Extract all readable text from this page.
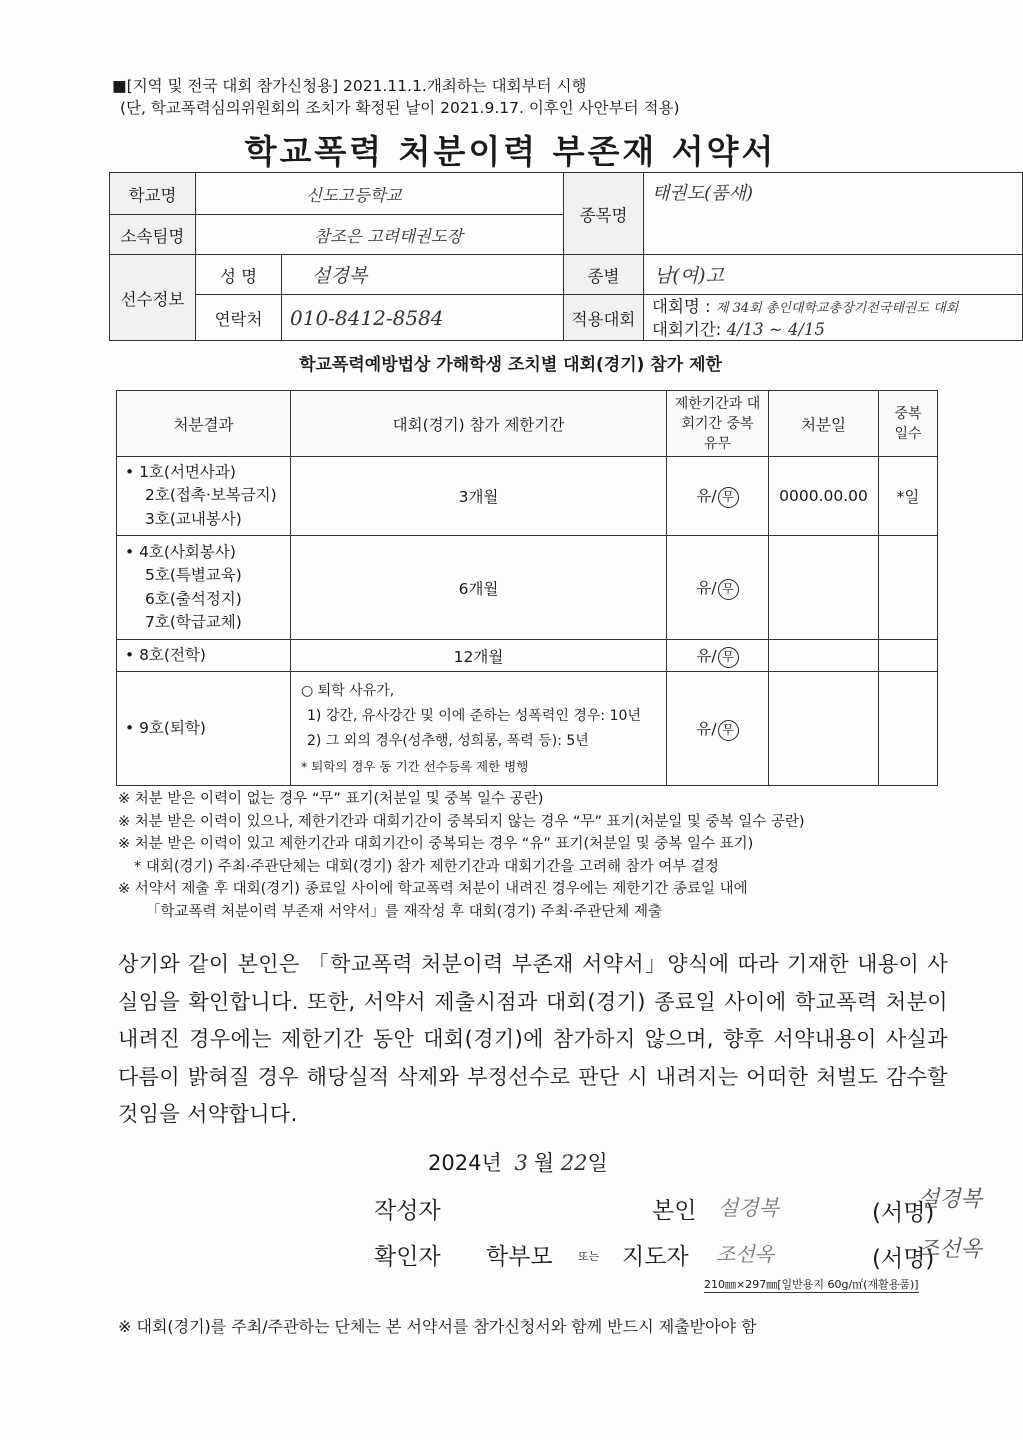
■[지역 및 전국 대회 참가신청용] 2021.11.1.개최하는 대회부터 시행
(단, 학교폭력심의위원회의 조치가 확정된 날이 2021.9.17. 이후인 사안부터 적용)
학교폭력 처분이력 부존재 서약서
학교명	신도고등학교		종목명	태권도(품새)
소속팀명	참조은 고려태권도장			
선수정보	성 명	설경복	종별	남(여)고
	연락처	010-8412-8584	적용대회	대회명 : 제 34회 총인대학교총장기전국태권도 대회
대회기간: 4/13 ~ 4/15
학교폭력예방법상 가해학생 조치별 대회(경기) 참가 제한
처분결과	대회(경기) 참가 제한기간	제한기간과 대회기간 중복 유무	처분일	중복 일수

• 1호(서면사과)
2호(접촉·보복금지)
3호(교내봉사)	3개월	유/ 무	0000.00.00	*일

• 4호(사회봉사)
5호(특별교육)
6호(출석정지)
7호(학급교체)	6개월	유/ 무		

• 8호(전학)	12개월	유/ 무		

• 9호(퇴학)	○ 퇴학 사유가,
1) 강간, 유사강간 및 이에 준하는 성폭력인 경우: 10년
2) 그 외의 경우(성추행, 성희롱, 폭력 등): 5년
* 퇴학의 경우 동 기간 선수등록 제한 병행	유/ 무		
※ 처분 받은 이력이 없는 경우 “무” 표기(처분일 및 중복 일수 공란)
※ 처분 받은 이력이 있으나, 제한기간과 대회기간이 중복되지 않는 경우 “무” 표기(처분일 및 중복 일수 공란)
※ 처분 받은 이력이 있고 제한기간과 대회기간이 중복되는 경우 “유” 표기(처분일 및 중복 일수 표기)
* 대회(경기) 주최·주관단체는 대회(경기) 참가 제한기간과 대회기간을 고려해 참가 여부 결정
※ 서약서 제출 후 대회(경기) 종료일 사이에 학교폭력 처분이 내려진 경우에는 제한기간 종료일 내에
「학교폭력 처분이력 부존재 서약서」를 재작성 후 대회(경기) 주최·주관단체 제출
상기와 같이 본인은 「학교폭력 처분이력 부존재 서약서」양식에 따라 기재한 내용이 사실임을 확인합니다. 또한, 서약서 제출시점과 대회(경기) 종료일 사이에 학교폭력 처분이 내려진 경우에는 제한기간 동안 대회(경기)에 참가하지 않으며, 향후 서약내용이 사실과 다름이 밝혀질 경우 해당실적 삭제와 부정선수로 판단 시 내려지는 어떠한 처벌도 감수할 것임을 서약합니다.
2024년 3 월 22일
작성자	본인 설경복	(서명)
설경복
확인자 학부모 또는 지도자 조선옥	(서명)
조선옥
210㎜×297㎜[일반용지 60g/㎡(재활용품)]
※ 대회(경기)를 주최/주관하는 단체는 본 서약서를 참가신청서와 함께 반드시 제출받아야 함
